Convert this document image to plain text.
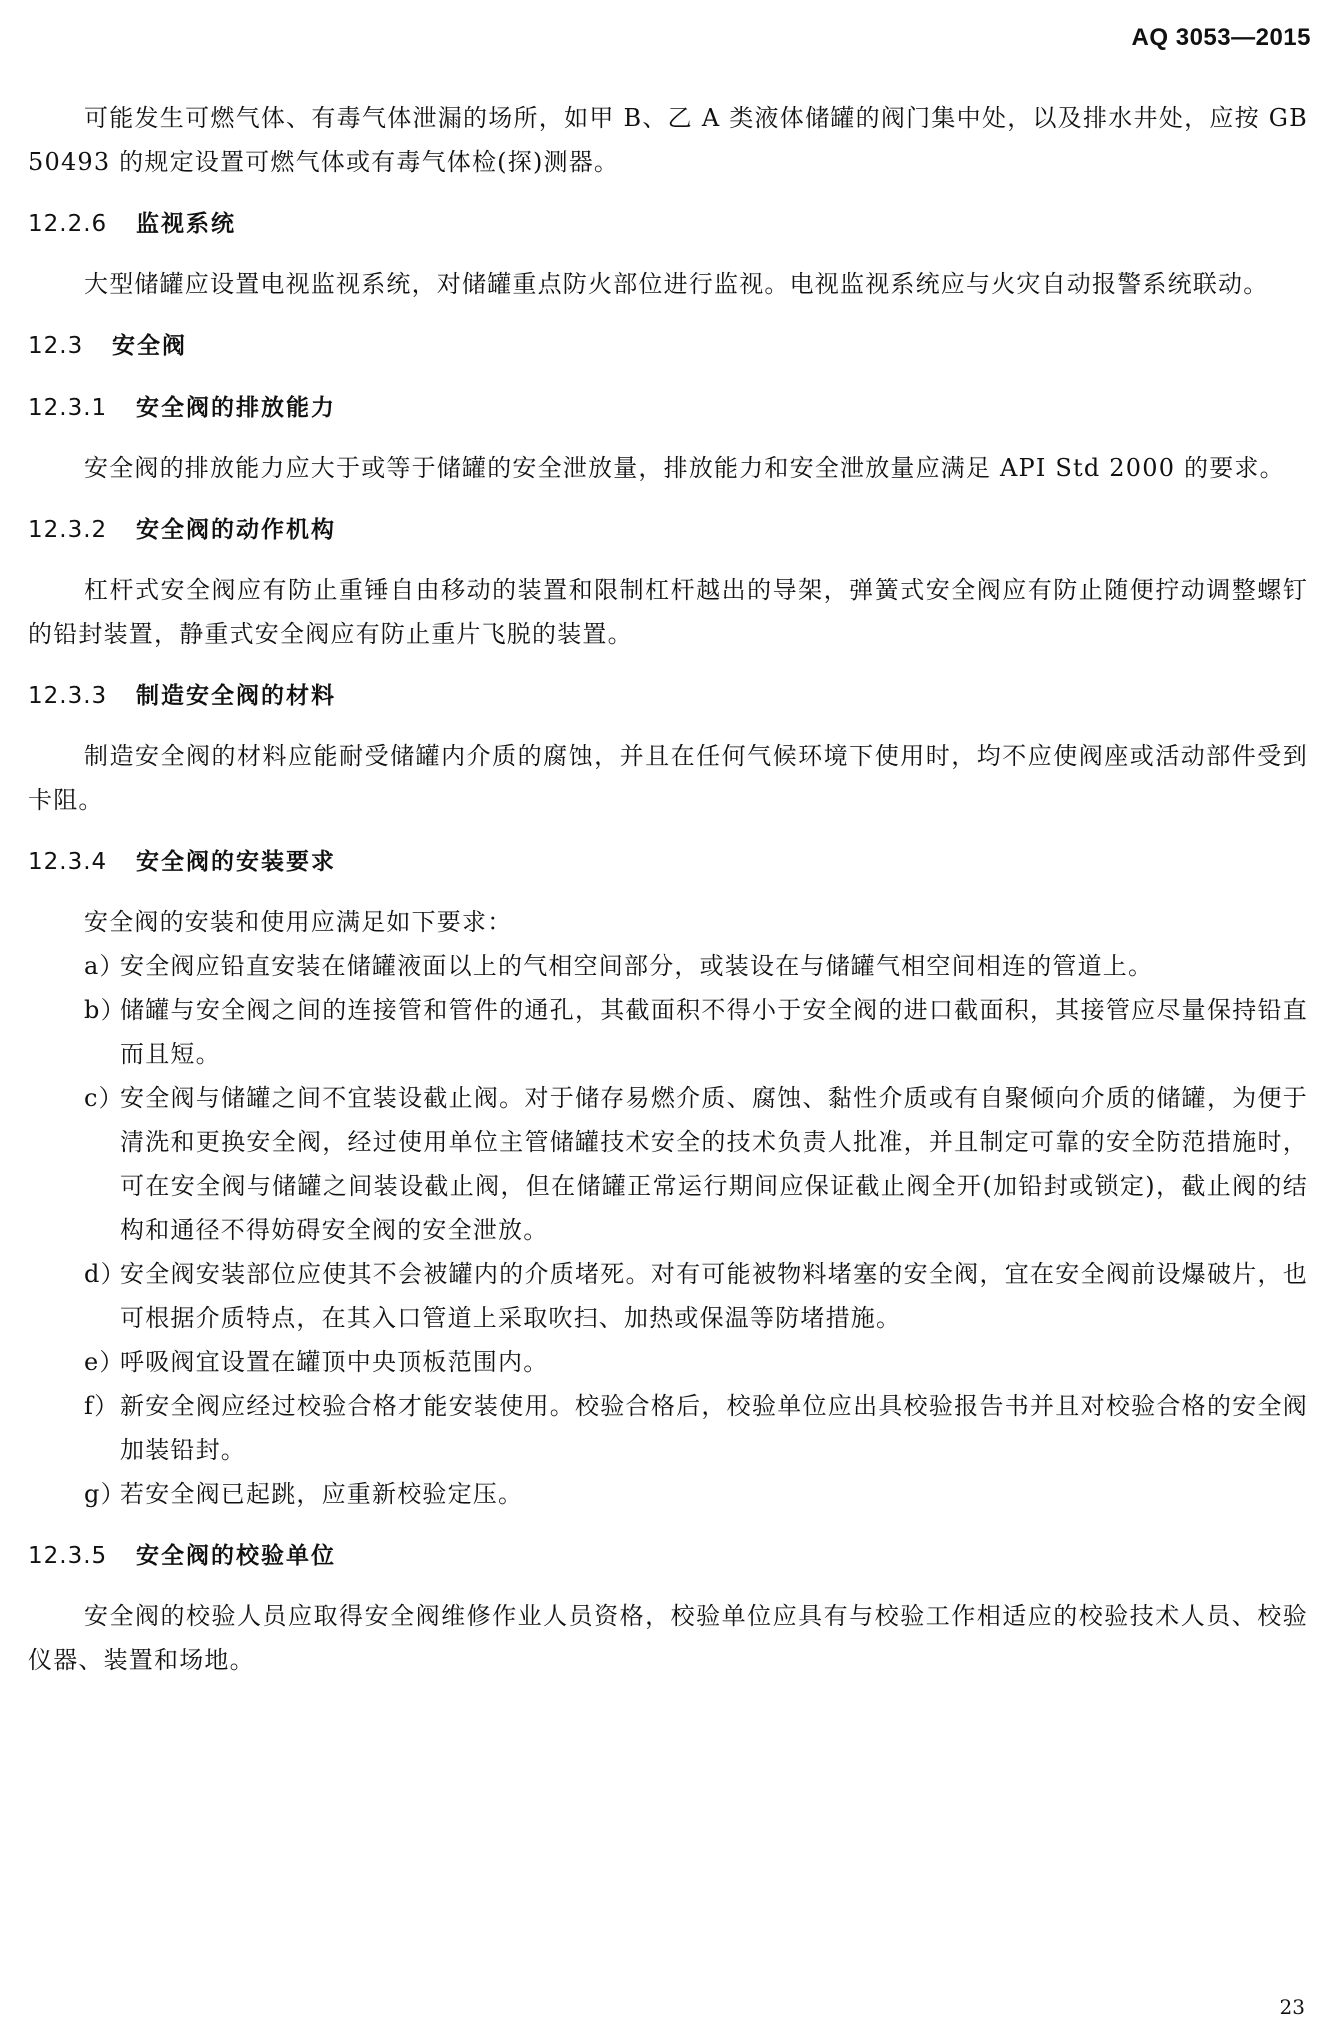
AQ 3053—2015

可能发生可燃气体、有毒气体泄漏的场所，如甲 B、乙 A 类液体储罐的阀门集中处，以及排水井处，应按 GB 50493 的规定设置可燃气体或有毒气体检(探)测器。

12.2.6	监视系统

大型储罐应设置电视监视系统，对储罐重点防火部位进行监视。电视监视系统应与火灾自动报警系统联动。

12.3	安全阀
12.3.1	安全阀的排放能力

安全阀的排放能力应大于或等于储罐的安全泄放量，排放能力和安全泄放量应满足 API Std 2000 的要求。

12.3.2	安全阀的动作机构

杠杆式安全阀应有防止重锤自由移动的装置和限制杠杆越出的导架，弹簧式安全阀应有防止随便拧动调整螺钉的铅封装置，静重式安全阀应有防止重片飞脱的装置。

12.3.3	制造安全阀的材料

制造安全阀的材料应能耐受储罐内介质的腐蚀，并且在任何气候环境下使用时，均不应使阀座或活动部件受到卡阻。

12.3.4	安全阀的安装要求

安全阀的安装和使用应满足如下要求：

a）
安全阀应铅直安装在储罐液面以上的气相空间部分，或装设在与储罐气相空间相连的管道上。
b）
储罐与安全阀之间的连接管和管件的通孔，其截面积不得小于安全阀的进口截面积，其接管应尽量保持铅直而且短。
c）
安全阀与储罐之间不宜装设截止阀。对于储存易燃介质、腐蚀、黏性介质或有自聚倾向介质的储罐，为便于清洗和更换安全阀，经过使用单位主管储罐技术安全的技术负责人批准，并且制定可靠的安全防范措施时，可在安全阀与储罐之间装设截止阀，但在储罐正常运行期间应保证截止阀全开(加铅封或锁定)，截止阀的结构和通径不得妨碍安全阀的安全泄放。
d）
安全阀安装部位应使其不会被罐内的介质堵死。对有可能被物料堵塞的安全阀，宜在安全阀前设爆破片，也可根据介质特点，在其入口管道上采取吹扫、加热或保温等防堵措施。
e）
呼吸阀宜设置在罐顶中央顶板范围内。
f） 新安全阀应经过校验合格才能安装使用。校验合格后，校验单位应出具校验报告书并且对校验合格的安全阀加装铅封。
g）
若安全阀已起跳，应重新校验定压。
12.3.5	安全阀的校验单位

安全阀的校验人员应取得安全阀维修作业人员资格，校验单位应具有与校验工作相适应的校验技术人员、校验仪器、装置和场地。

23
